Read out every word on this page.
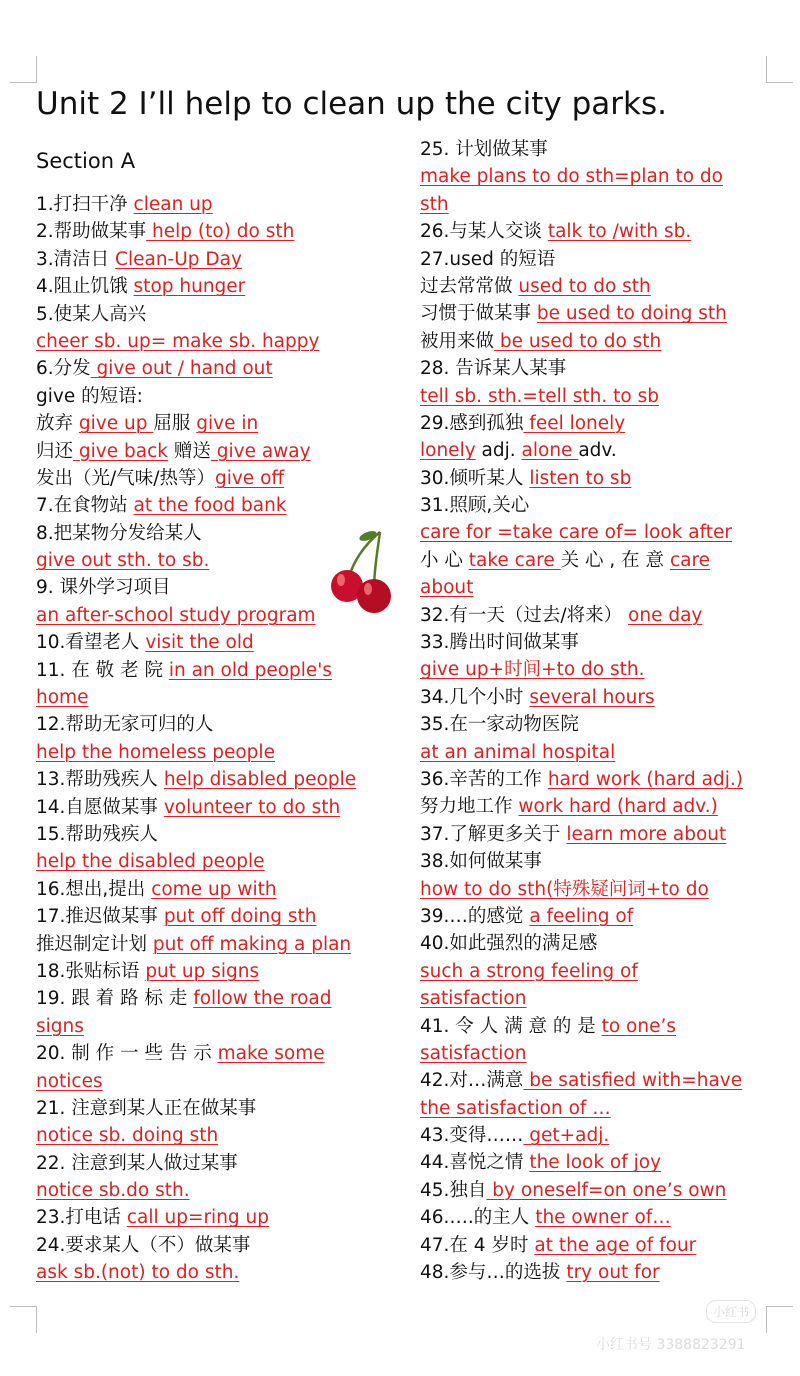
Unit 2 I’ll help to clean up the city parks.
Section A
1.打扫干净 clean up
2.帮助做某事 help (to) do sth
3.清洁日 Clean-Up Day
4.阻止饥饿 stop hunger
5.使某人高兴
cheer sb. up= make sb. happy
6.分发 give out / hand out
give 的短语:
放弃 give up 屈服 give in
归还 give back 赠送 give away
发出（光/气味/热等）give off
7.在食物站 at the food bank
8.把某物分发给某人
give out sth. to sb.
9. 课外学习项目
an after-school study program
10.看望老人 visit the old
11. 在 敬 老 院 in an old people's
home
12.帮助无家可归的人
help the homeless people
13.帮助残疾人 help disabled people
14.自愿做某事 volunteer to do sth
15.帮助残疾人
help the disabled people
16.想出,提出 come up with
17.推迟做某事 put off doing sth
推迟制定计划 put off making a plan
18.张贴标语 put up signs
19. 跟 着 路 标 走 follow the road
signs
20. 制 作 一 些 告 示 make some
notices
21. 注意到某人正在做某事
notice sb. doing sth
22. 注意到某人做过某事
notice sb.do sth.
23.打电话 call up=ring up
24.要求某人（不）做某事
ask sb.(not) to do sth.
25. 计划做某事
make plans to do sth=plan to do
sth
26.与某人交谈 talk to /with sb.
27.used 的短语
过去常常做 used to do sth
习惯于做某事 be used to doing sth
被用来做 be used to do sth
28. 告诉某人某事
tell sb. sth.=tell sth. to sb
29.感到孤独 feel lonely
lonely adj. alone adv.
30.倾听某人 listen to sb
31.照顾,关心
care for =take care of= look after
小 心 take care 关 心 , 在 意 care
about
32.有一天（过去/将来） one day
33.腾出时间做某事
give up+时间+to do sth.
34.几个小时 several hours
35.在一家动物医院
at an animal hospital
36.辛苦的工作 hard work (hard adj.)
努力地工作 work hard (hard adv.)
37.了解更多关于 learn more about
38.如何做某事
how to do sth(特殊疑问词+to do
39.…的感觉 a feeling of
40.如此强烈的满足感
such a strong feeling of
satisfaction
41. 令 人 满 意 的 是 to one’s
satisfaction
42.对…满意 be satisfied with=have
the satisfaction of …
43.变得…… get+adj.
44.喜悦之情 the look of joy
45.独自 by oneself=on one’s own
46.….的主人 the owner of…
47.在 4 岁时 at the age of four
48.参与…的选拔 try out for
小红书
小红书号 3388823291
